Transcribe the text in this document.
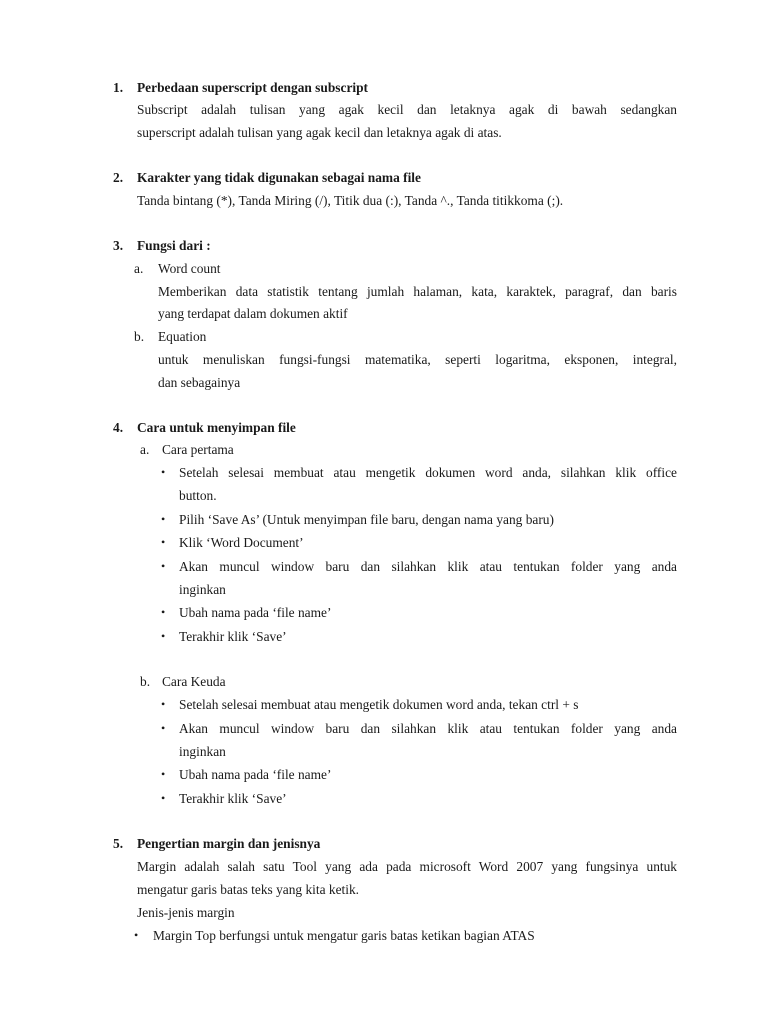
1. Perbedaan superscript dengan subscript
Subscript adalah tulisan yang agak kecil dan letaknya agak di bawah sedangkan
superscript adalah tulisan yang agak kecil dan letaknya agak di atas.
2. Karakter yang tidak digunakan sebagai nama file
Tanda bintang (*), Tanda Miring (/), Titik dua (:), Tanda ^., Tanda titikkoma (;).
3. Fungsi dari :
a. Word count
Memberikan data statistik tentang jumlah halaman, kata, karaktek, paragraf, dan baris
yang terdapat dalam dokumen aktif
b. Equation
untuk menuliskan fungsi-fungsi matematika, seperti logaritma, eksponen, integral,
dan sebagainya
4. Cara untuk menyimpan file
a. Cara pertama
• Setelah selesai membuat atau mengetik dokumen word anda, silahkan klik office
button.
• Pilih ‘Save As’ (Untuk menyimpan file baru, dengan nama yang baru)
• Klik ‘Word Document’
• Akan muncul window baru dan silahkan klik atau tentukan folder yang anda
inginkan
• Ubah nama pada ‘file name’
• Terakhir klik ‘Save’
b. Cara Keuda
• Setelah selesai membuat atau mengetik dokumen word anda, tekan ctrl + s
• Akan muncul window baru dan silahkan klik atau tentukan folder yang anda
inginkan
• Ubah nama pada ‘file name’
• Terakhir klik ‘Save’
5. Pengertian margin dan jenisnya
Margin adalah salah satu Tool yang ada pada microsoft Word 2007 yang fungsinya untuk
mengatur garis batas teks yang kita ketik.
Jenis-jenis margin
• Margin Top berfungsi untuk mengatur garis batas ketikan bagian ATAS
